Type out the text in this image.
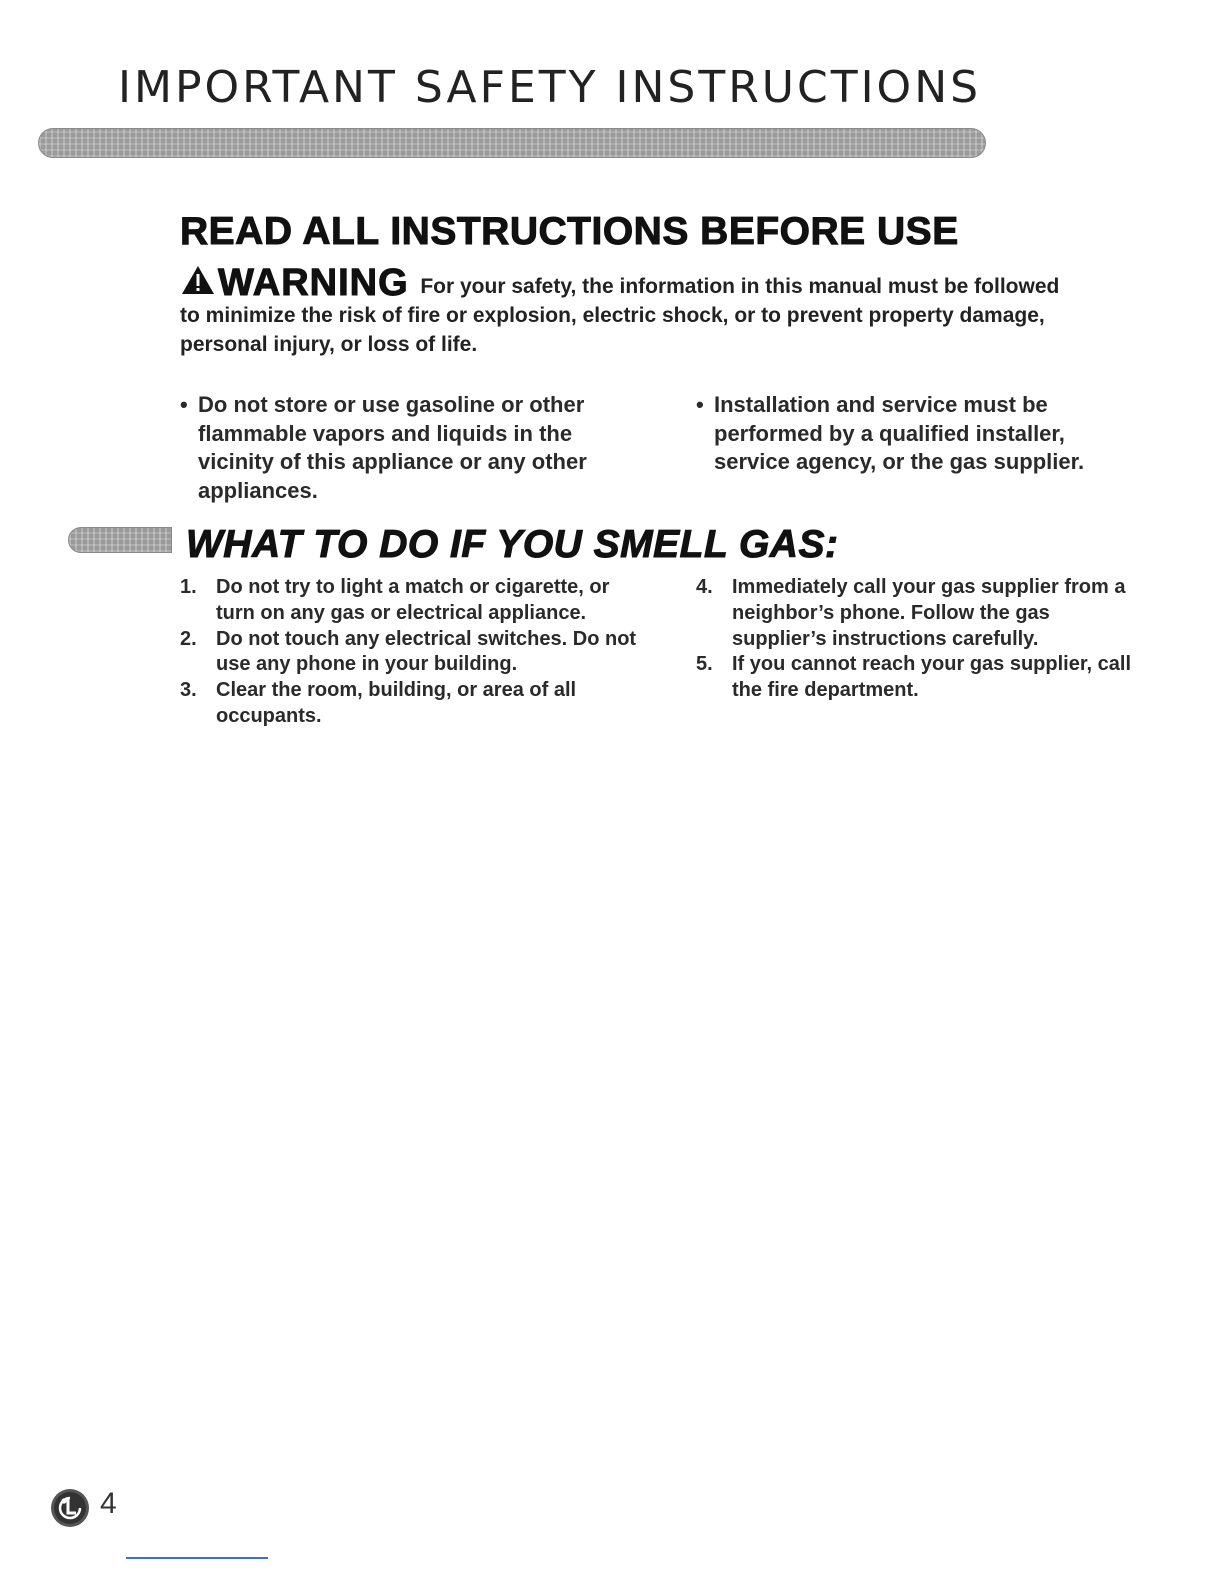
IMPORTANT SAFETY INSTRUCTIONS
READ ALL INSTRUCTIONS BEFORE USE
WARNING For your safety, the information in this manual must be followed to minimize the risk of fire or explosion, electric shock, or to prevent property damage, personal injury, or loss of life.
• Do not store or use gasoline or other flammable vapors and liquids in the vicinity of this appliance or any other appliances.
• Installation and service must be performed by a qualified installer, service agency, or the gas supplier.
WHAT TO DO IF YOU SMELL GAS:
1. Do not try to light a match or cigarette, or turn on any gas or electrical appliance.
2. Do not touch any electrical switches. Do not use any phone in your building.
3. Clear the room, building, or area of all occupants.
4. Immediately call your gas supplier from a neighbor’s phone. Follow the gas supplier’s instructions carefully.
5. If you cannot reach your gas supplier, call the fire department.
4
